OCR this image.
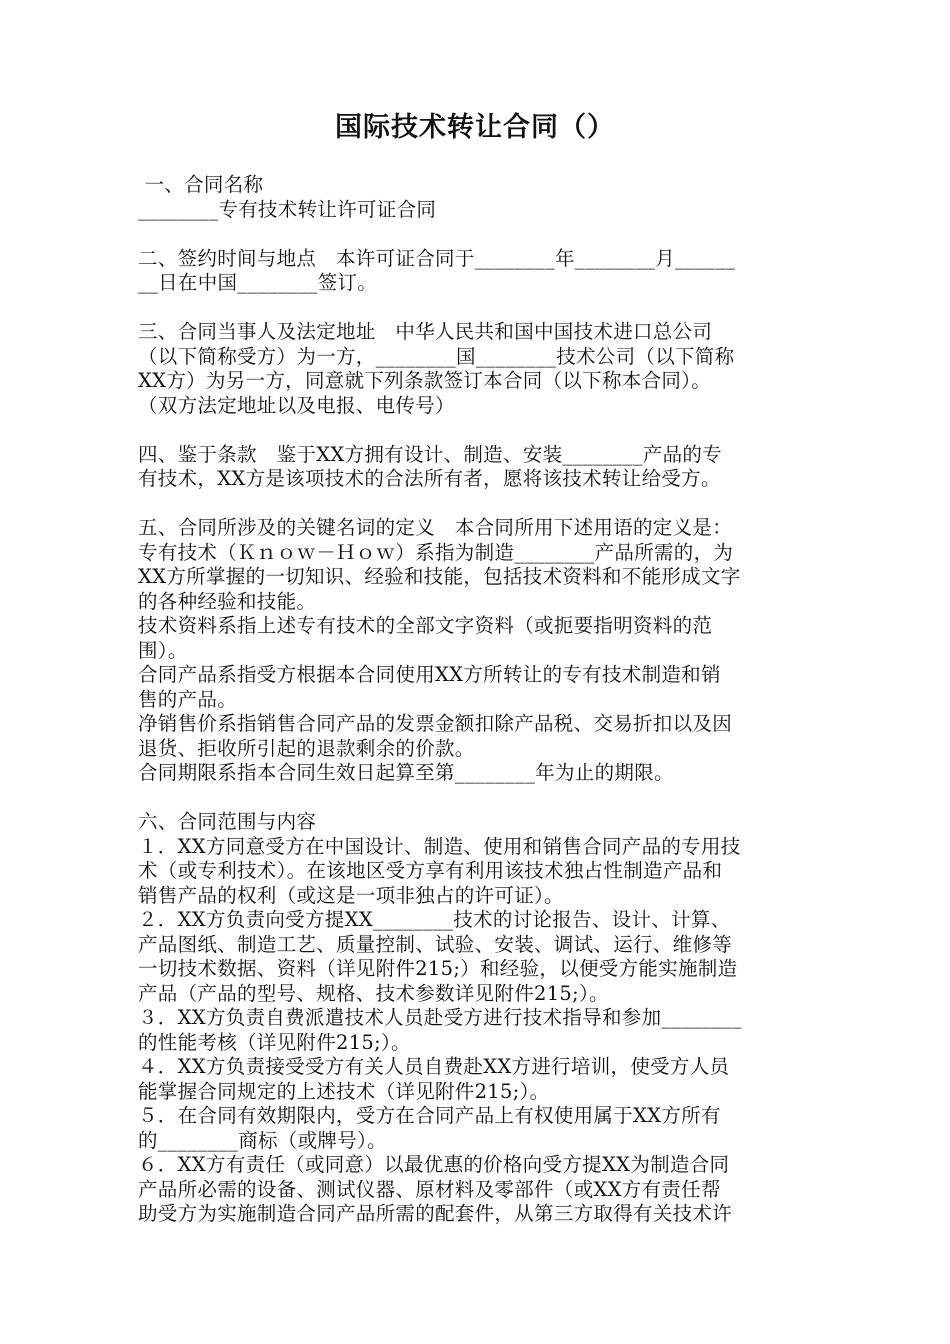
国际技术转让合同（）
一、合同名称
________专有技术转让许可证合同
二、签约时间与地点　本许可证合同于________年________月______
__日在中国________签订。
三、合同当事人及法定地址　中华人民共和国中国技术进口总公司
（以下简称受方）为一方，________国________技术公司（以下简称
XX方）为另一方，同意就下列条款签订本合同（以下称本合同）。
（双方法定地址以及电报、电传号）
四、鉴于条款　鉴于XX方拥有设计、制造、安装________产品的专
有技术，XX方是该项技术的合法所有者，愿将该技术转让给受方。
五、合同所涉及的关键名词的定义　本合同所用下述用语的定义是：
专有技术（Ｋｎｏｗ－Ｈｏｗ）系指为制造________产品所需的，为
XX方所掌握的一切知识、经验和技能，包括技术资料和不能形成文字
的各种经验和技能。
技术资料系指上述专有技术的全部文字资料（或扼要指明资料的范
围）。
合同产品系指受方根据本合同使用XX方所转让的专有技术制造和销
售的产品。
净销售价系指销售合同产品的发票金额扣除产品税、交易折扣以及因
退货、拒收所引起的退款剩余的价款。
合同期限系指本合同生效日起算至第________年为止的期限。
六、合同范围与内容
１．XX方同意受方在中国设计、制造、使用和销售合同产品的专用技
术（或专利技术）。在该地区受方享有利用该技术独占性制造产品和
销售产品的权利（或这是一项非独占的许可证）。
２．XX方负责向受方提XX________技术的讨论报告、设计、计算、
产品图纸、制造工艺、质量控制、试验、安装、调试、运行、维修等
一切技术数据、资料（详见附件215;）和经验，以便受方能实施制造
产品（产品的型号、规格、技术参数详见附件215;）。
３．XX方负责自费派遣技术人员赴受方进行技术指导和参加________
的性能考核（详见附件215;）。
４．XX方负责接受受方有关人员自费赴XX方进行培训，使受方人员
能掌握合同规定的上述技术（详见附件215;）。
５．在合同有效期限内，受方在合同产品上有权使用属于XX方所有
的________商标（或牌号）。
６．XX方有责任（或同意）以最优惠的价格向受方提XX为制造合同
产品所必需的设备、测试仪器、原材料及零部件（或XX方有责任帮
助受方为实施制造合同产品所需的配套件，从第三方取得有关技术许
